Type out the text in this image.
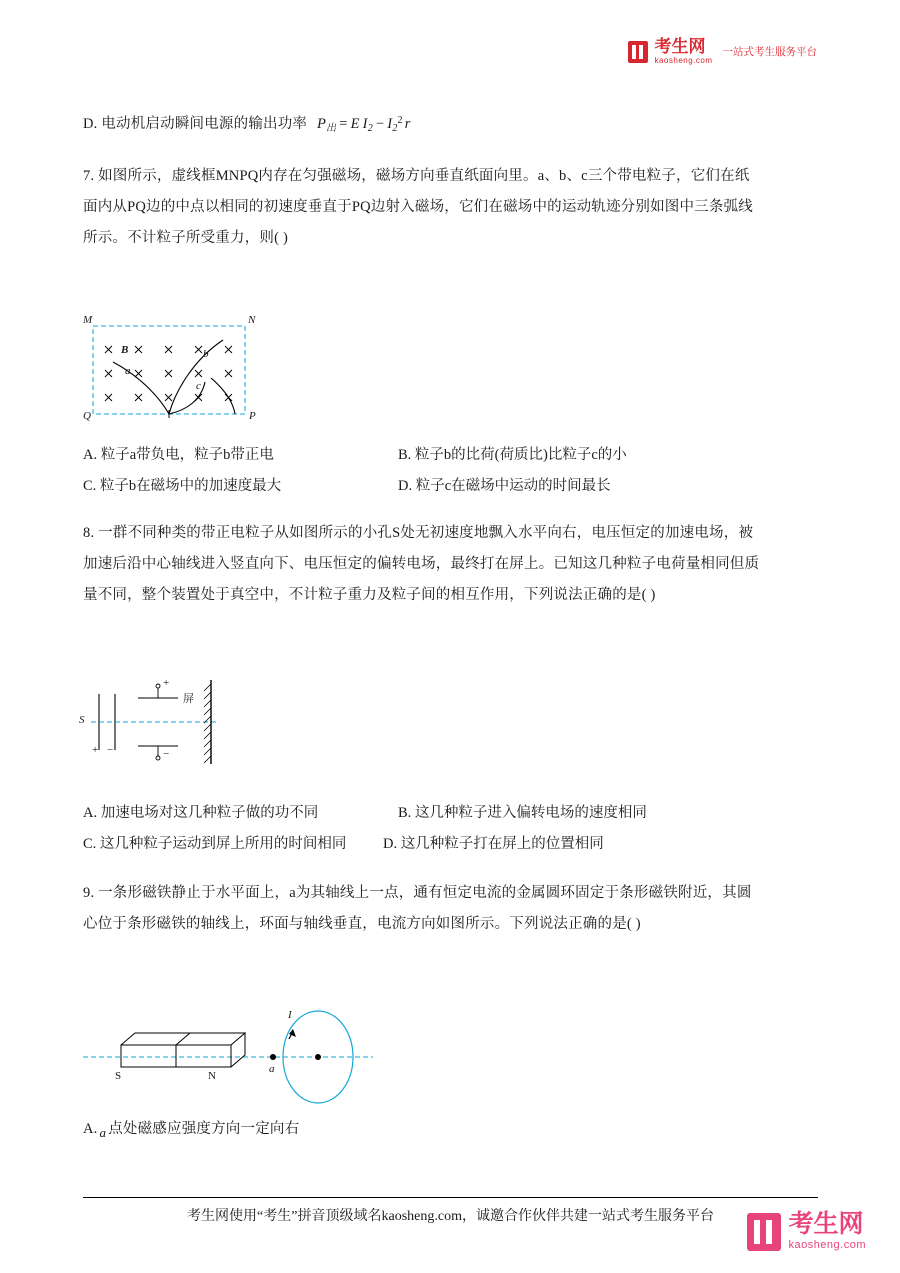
考生网
kaosheng.com
一站式考生服务平台
D. 电动机启动瞬间电源的输出功率 $P_出 = E$ $I_2 - I_2^2$ r
7. 如图所示，虚线框MNPQ内存在匀强磁场，磁场方向垂直纸面向里。a、b、c三个带电粒子，它们在纸
面内从PQ边的中点以相同的初速度垂直于PQ边射入磁场，它们在磁场中的运动轨迹分别如图中三条弧线
所示。不计粒子所受重力，则( )
M	N
Q	P
a
b
c
B
A. 粒子a带负电，粒子b带正电	B. 粒子b的比荷(荷质比)比粒子c的小
C. 粒子b在磁场中的加速度最大	D. 粒子c在磁场中运动的时间最长
8. 一群不同种类的带正电粒子从如图所示的小孔S处无初速度地飘入水平向右，电压恒定的加速电场，被
加速后沿中心轴线进入竖直向下、电压恒定的偏转电场，最终打在屏上。已知这几种粒子电荷量相同但质
量不同，整个装置处于真空中，不计粒子重力及粒子间的相互作用，下列说法正确的是( )
S
屏
+
−
+ −
A. 加速电场对这几种粒子做的功不同	B. 这几种粒子进入偏转电场的速度相同
C. 这几种粒子运动到屏上所用的时间相同	D. 这几种粒子打在屏上的位置相同
9. 一条形磁铁静止于水平面上，a为其轴线上一点，通有恒定电流的金属圆环固定于条形磁铁附近，其圆
心位于条形磁铁的轴线上，环面与轴线垂直，电流方向如图所示。下列说法正确的是( )
S	N
a
I
A. a 点处磁感应强度方向一定向右
考生网使用“考生”拼音顶级域名kaosheng.com，诚邀合作伙伴共建一站式考生服务平台	考生网
kaosheng.com
